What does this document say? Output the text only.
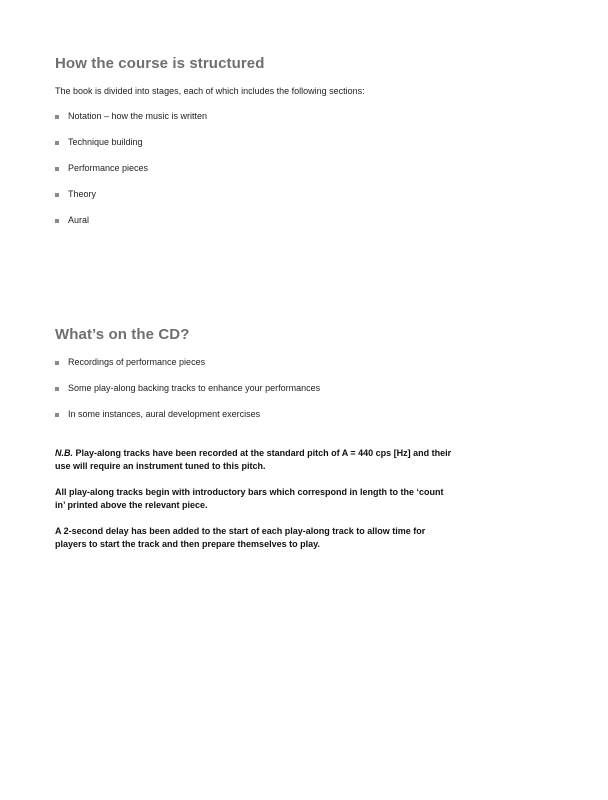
How the course is structured

The book is divided into stages, each of which includes the following sections:

Notation – how the music is written
Technique building
Performance pieces
Theory
Aural
What’s on the CD?
Recordings of performance pieces
Some play-along backing tracks to enhance your performances
In some instances, aural development exercises

N.B. Play-along tracks have been recorded at the standard pitch of A = 440 cps [Hz] and their use will require an instrument tuned to this pitch.

All play-along tracks begin with introductory bars which correspond in length to the ‘count in’ printed above the relevant piece.

A 2-second delay has been added to the start of each play-along track to allow time for players to start the track and then prepare themselves to play.
